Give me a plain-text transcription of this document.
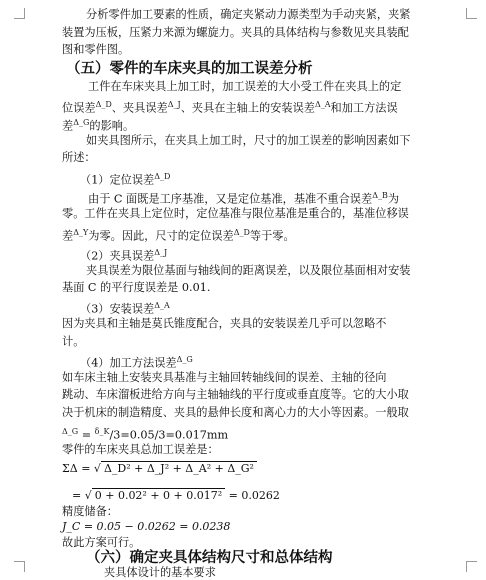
分析零件加工要素的性质，确定夹紧动力源类型为手动夹紧，夹紧
装置为压板，压紧力来源为螺旋力。夹具的具体结构与参数见夹具装配
图和零件图。
（五）零件的车床夹具的加工误差分析
工件在车床夹具上加工时，加工误差的大小受工件在夹具上的定
位误差$^{\Delta\_D}$、夹具误差$^{\Delta\_J}$、夹具在主轴上的安装误差$^{\Delta\_A}$和加工方法误
差$^{\Delta\_G}$的影响。
如夹具图所示，在夹具上加工时，尺寸的加工误差的影响因素如下
所述：
（1）定位误差$^{\Delta\_D}$
由于 C 面既是工序基准，又是定位基准，基准不重合误差$^{\Delta\_B}$为
零。工件在夹具上定位时，定位基准与限位基准是重合的，基准位移误
差$^{\Delta\_Y}$为零。因此，尺寸的定位误差$^{\Delta\_D}$等于零。
（2）夹具误差$^{\Delta\_J}$
夹具误差为限位基面与轴线间的距离误差，以及限位基面相对安装
基面 C 的平行度误差是 0.01.
（3）安装误差$^{\Delta\_A}$
因为夹具和主轴是莫氏锥度配合，夹具的安装误差几乎可以忽略不
计。
（4）加工方法误差$^{\Delta\_G}$
如车床主轴上安装夹具基准与主轴回转轴线间的误差、主轴的径向
跳动、车床溜板进给方向与主轴轴线的平行度或垂直度等。它的大小取
决于机床的制造精度、夹具的悬伸长度和离心力的大小等因素。一般取
$^{\Delta\_G}$ = $^{\delta\_K}$/3=0.05/3=0.017mm
零件的车床夹具总加工误差是：
ΣΔ = √ Δ_D² + Δ_J² + Δ_A² + Δ_G²
= √ 0 + 0.02² + 0 + 0.017² = 0.0262
精度储备：
J_C = 0.05 − 0.0262 = 0.0238
故此方案可行。
（六）确定夹具体结构尺寸和总体结构
夹具体设计的基本要求
